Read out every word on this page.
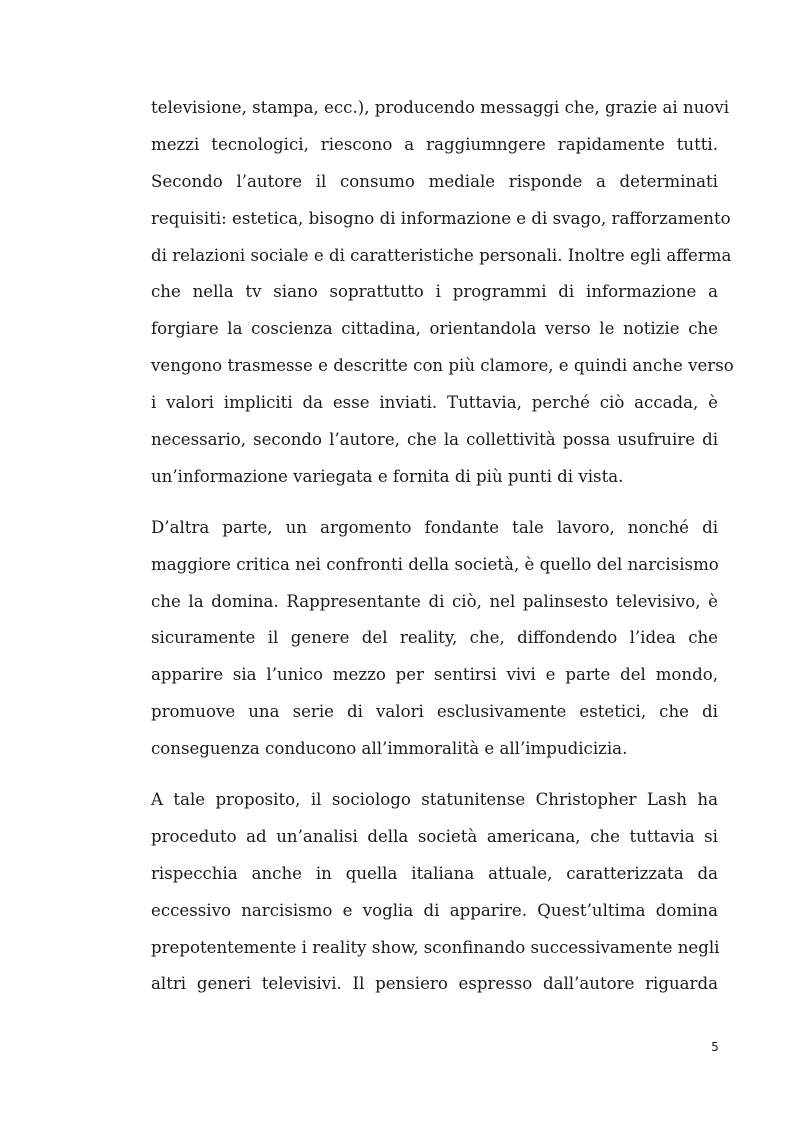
televisione, stampa, ecc.), producendo messaggi che, grazie ai nuovi
mezzi tecnologici, riescono a raggiumngere rapidamente tutti.
Secondo l’autore il consumo mediale risponde a determinati
requisiti: estetica, bisogno di informazione e di svago, rafforzamento
di relazioni sociale e di caratteristiche personali. Inoltre egli afferma
che nella tv siano soprattutto i programmi di informazione a
forgiare la coscienza cittadina, orientandola verso le notizie che
vengono trasmesse e descritte con più clamore, e quindi anche verso
i valori impliciti da esse inviati. Tuttavia, perché ciò accada, è
necessario, secondo l’autore, che la collettività possa usufruire di
un’informazione variegata e fornita di più punti di vista.
D’altra parte, un argomento fondante tale lavoro, nonché di
maggiore critica nei confronti della società, è quello del narcisismo
che la domina. Rappresentante di ciò, nel palinsesto televisivo, è
sicuramente il genere del reality, che, diffondendo l’idea che
apparire sia l’unico mezzo per sentirsi vivi e parte del mondo,
promuove una serie di valori esclusivamente estetici, che di
conseguenza conducono all’immoralità e all’impudicizia.
A tale proposito, il sociologo statunitense Christopher Lash ha
proceduto ad un’analisi della società americana, che tuttavia si
rispecchia anche in quella italiana attuale, caratterizzata da
eccessivo narcisismo e voglia di apparire. Quest’ultima domina
prepotentemente i reality show, sconfinando successivamente negli
altri generi televisivi. Il pensiero espresso dall’autore riguarda
5
